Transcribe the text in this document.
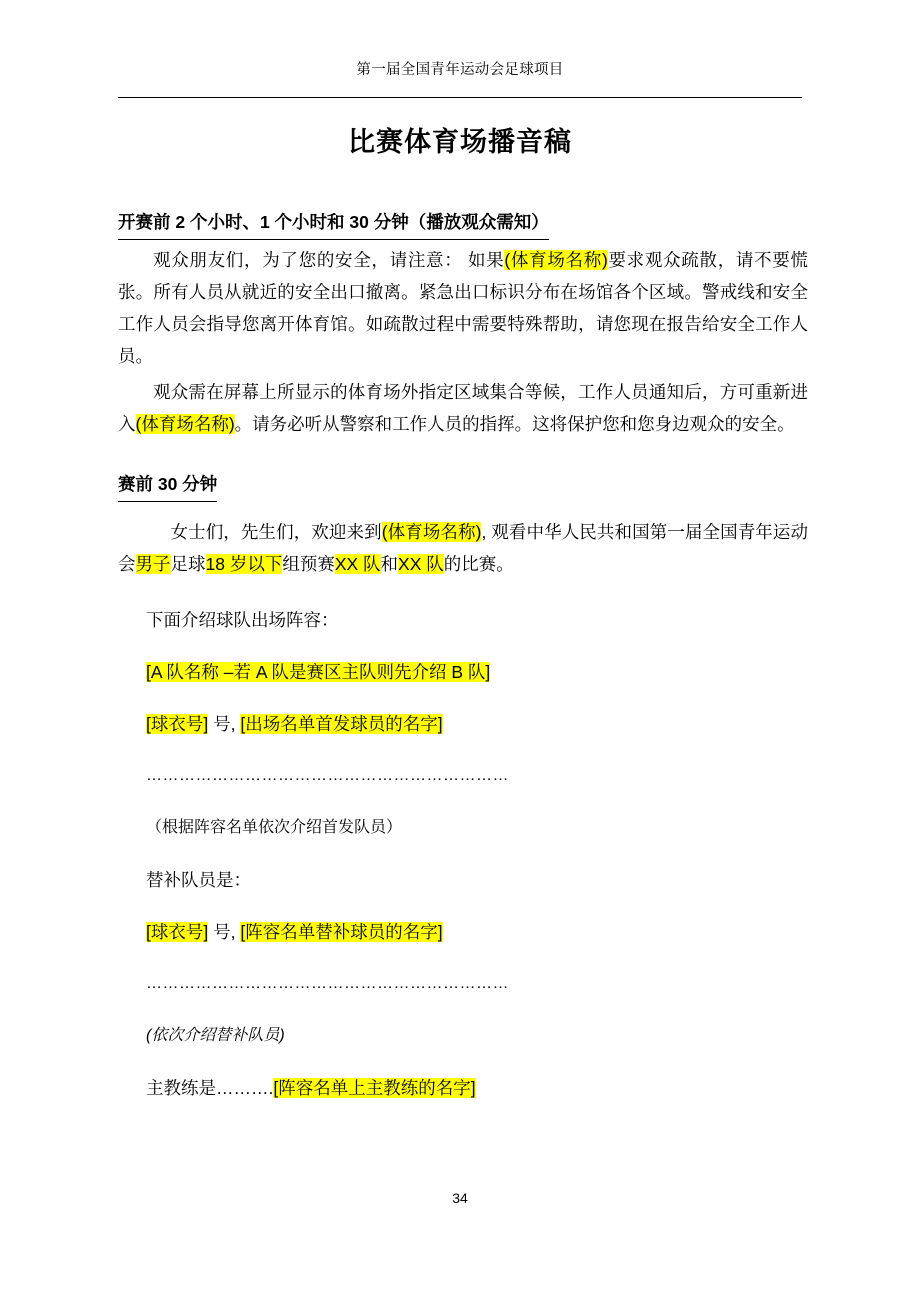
第一届全国青年运动会足球项目
比赛体育场播音稿

开赛前 2 个小时、1 个小时和 30 分钟（播放观众需知）

观众朋友们，为了您的安全，请注意： 如果(体育场名称)要求观众疏散，请不要慌张。所有人员从就近的安全出口撤离。紧急出口标识分布在场馆各个区域。警戒线和安全工作人员会指导您离开体育馆。如疏散过程中需要特殊帮助，请您现在报告给安全工作人员。

观众需在屏幕上所显示的体育场外指定区域集合等候，工作人员通知后，方可重新进入(体育场名称)。请务必听从警察和工作人员的指挥。这将保护您和您身边观众的安全。

赛前 30 分钟

女士们，先生们，欢迎来到(体育场名称), 观看中华人民共和国第一届全国青年运动会男子足球18 岁以下组预赛XX 队和XX 队的比赛。

下面介绍球队出场阵容：

[A 队名称 –若 A 队是赛区主队则先介绍 B 队]

[球衣号] 号, [出场名单首发球员的名字]

…………………………………………………………

（根据阵容名单依次介绍首发队员）

替补队员是：

[球衣号] 号, [阵容名单替补球员的名字]

…………………………………………………………

(依次介绍替补队员)

主教练是……….[阵容名单上主教练的名字]

34
